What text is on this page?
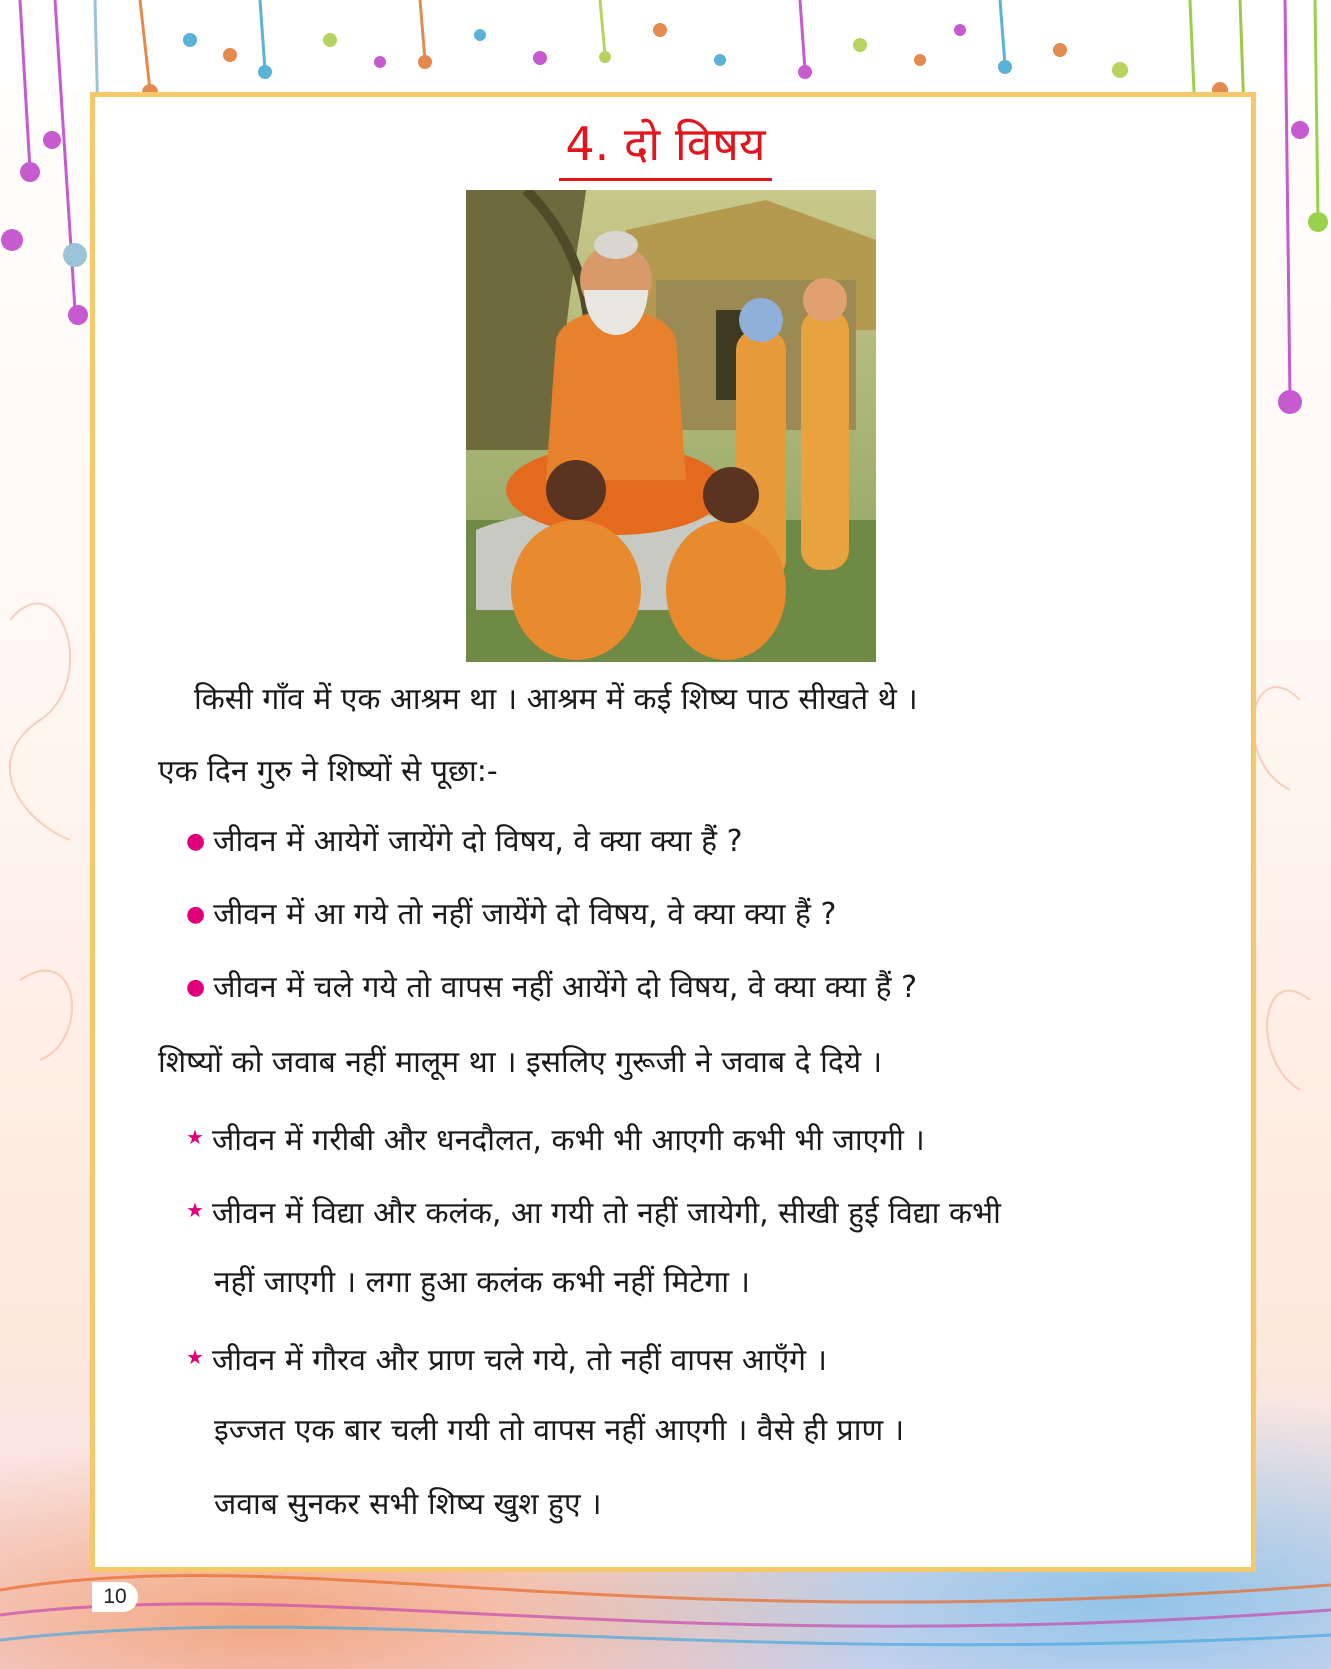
4. दो विषय
किसी गाँव में एक आश्रम था । आश्रम में कई शिष्य पाठ सीखते थे ।
एक दिन गुरु ने शिष्यों से पूछा:-
● जीवन में आयेगें जायेंगे दो विषय, वे क्या क्या हैं ?
● जीवन में आ गये तो नहीं जायेंगे दो विषय, वे क्या क्या हैं ?
● जीवन में चले गये तो वापस नहीं आयेंगे दो विषय, वे क्या क्या हैं ?
शिष्यों को जवाब नहीं मालूम था । इसलिए गुरूजी ने जवाब दे दिये ।
★ जीवन में गरीबी और धनदौलत, कभी भी आएगी कभी भी जाएगी ।
★ जीवन में विद्या और कलंक, आ गयी तो नहीं जायेगी, सीखी हुई विद्या कभी
नहीं जाएगी । लगा हुआ कलंक कभी नहीं मिटेगा ।
★ जीवन में गौरव और प्राण चले गये, तो नहीं वापस आएँगे ।
इज्जत एक बार चली गयी तो वापस नहीं आएगी । वैसे ही प्राण ।
जवाब सुनकर सभी शिष्य खुश हुए ।
10
